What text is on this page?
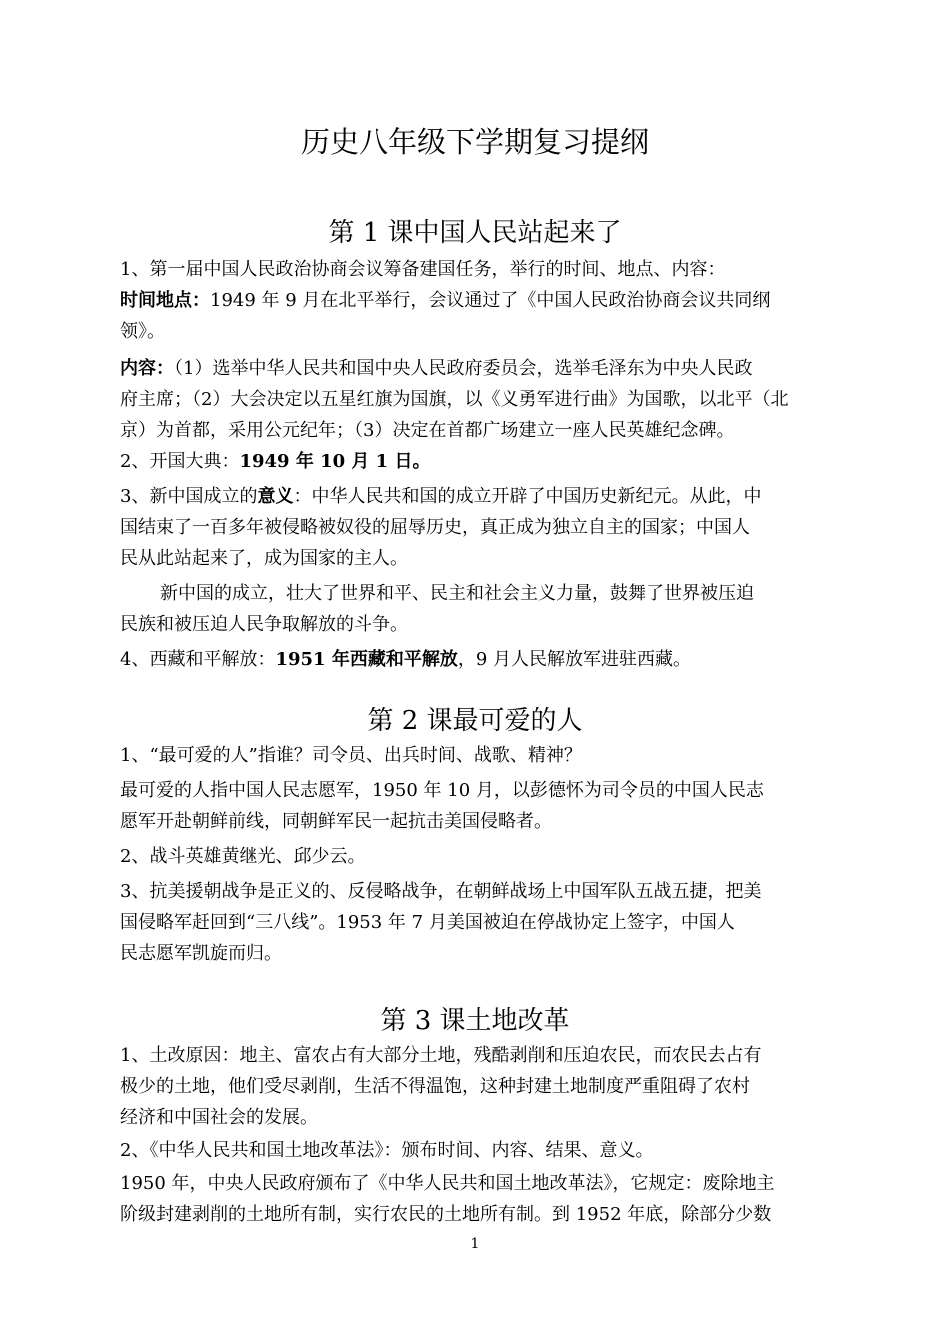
历史八年级下学期复习提纲
第 1 课中国人民站起来了
1、第一届中国人民政治协商会议筹备建国任务，举行的时间、地点、内容：
时间地点：1949 年 9 月在北平举行，会议通过了《中国人民政治协商会议共同纲
领》。
内容：（1）选举中华人民共和国中央人民政府委员会，选举毛泽东为中央人民政
府主席；（2）大会决定以五星红旗为国旗，以《义勇军进行曲》为国歌，以北平（北
京）为首都，采用公元纪年；（3）决定在首都广场建立一座人民英雄纪念碑。
2、开国大典：1949 年 10 月 1 日。
3、新中国成立的意义：中华人民共和国的成立开辟了中国历史新纪元。从此，中
国结束了一百多年被侵略被奴役的屈辱历史，真正成为独立自主的国家；中国人
民从此站起来了，成为国家的主人。
新中国的成立，壮大了世界和平、民主和社会主义力量，鼓舞了世界被压迫
民族和被压迫人民争取解放的斗争。
4、西藏和平解放：1951 年西藏和平解放，9 月人民解放军进驻西藏。
第 2 课最可爱的人
1、“最可爱的人”指谁？司令员、出兵时间、战歌、精神？
最可爱的人指中国人民志愿军，1950 年 10 月，以彭德怀为司令员的中国人民志
愿军开赴朝鲜前线，同朝鲜军民一起抗击美国侵略者。
2、战斗英雄黄继光、邱少云。
3、抗美援朝战争是正义的、反侵略战争，在朝鲜战场上中国军队五战五捷，把美
国侵略军赶回到“三八线”。1953 年 7 月美国被迫在停战协定上签字，中国人
民志愿军凯旋而归。
第 3 课土地改革
1、土改原因：地主、富农占有大部分土地，残酷剥削和压迫农民，而农民去占有
极少的土地，他们受尽剥削，生活不得温饱，这种封建土地制度严重阻碍了农村
经济和中国社会的发展。
2、《中华人民共和国土地改革法》：颁布时间、内容、结果、意义。
1950 年，中央人民政府颁布了《中华人民共和国土地改革法》，它规定：废除地主
阶级封建剥削的土地所有制，实行农民的土地所有制。到 1952 年底，除部分少数
1
